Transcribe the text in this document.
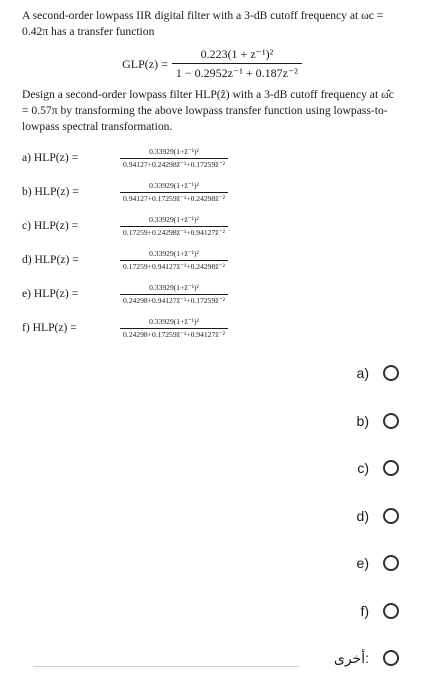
A second-order lowpass IIR digital filter with a 3-dB cutoff frequency at ωc = 0.42π has a transfer function

$GLP(z) = \frac{\text{0.223(1 + z⁻¹)²}}{\text{1 − 0.2952z⁻¹ + 0.187z⁻²}}$

Design a second-order lowpass filter HLP(ẑ) with a 3-dB cutoff frequency at ω̂c = 0.57π by transforming the above lowpass transfer function using lowpass-to-lowpass spectral transformation.

a) HLP(z) =	$\frac{\text{0.33929(1+ẑ⁻¹)²}}{\text{0.94127+0.24298ẑ⁻¹+0.17259ẑ⁻²}}$
b) HLP(z) =	$\frac{\text{0.33929(1+ẑ⁻¹)²}}{\text{0.94127+0.17259ẑ⁻¹+0.24298ẑ⁻²}}$
c) HLP(z) =	$\frac{\text{0.33929(1+ẑ⁻¹)²}}{\text{0.17259+0.24298ẑ⁻¹+0.94127ẑ⁻²}}$
d) HLP(z) =	$\frac{\text{0.33929(1+ẑ⁻¹)²}}{\text{0.17259+0.94127ẑ⁻¹+0.24298ẑ⁻²}}$
e) HLP(z) =	$\frac{\text{0.33929(1+ẑ⁻¹)²}}{\text{0.24298+0.94127ẑ⁻¹+0.17259ẑ⁻²}}$
f) HLP(z) =	$\frac{\text{0.33929(1+ẑ⁻¹)²}}{\text{0.24298+0.17259ẑ⁻¹+0.94127ẑ⁻²}}$
a)
b)
c)
d)
e)
f)
أخرى:
